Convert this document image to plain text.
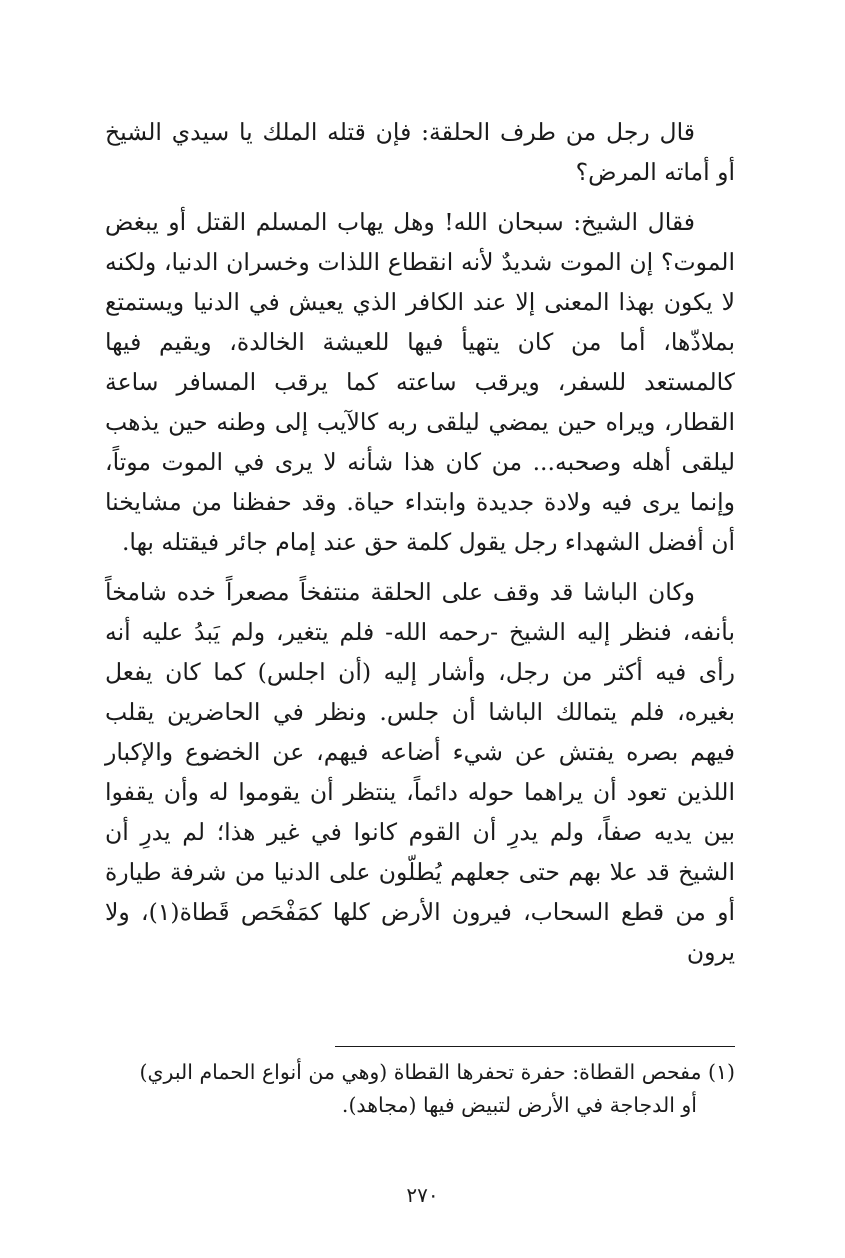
قال رجل من طرف الحلقة: فإن قتله الملك يا سيدي الشيخ أو أماته المرض؟

فقال الشيخ: سبحان الله! وهل يهاب المسلم القتل أو يبغض الموت؟ إن الموت شديدٌ لأنه انقطاع اللذات وخسران الدنيا، ولكنه لا يكون بهذا المعنى إلا عند الكافر الذي يعيش في الدنيا ويستمتع بملاذّها، أما من كان يتهيأ فيها للعيشة الخالدة، ويقيم فيها كالمستعد للسفر، ويرقب ساعته كما يرقب المسافر ساعة القطار، ويراه حين يمضي ليلقى ربه كالآيب إلى وطنه حين يذهب ليلقى أهله وصحبه... من كان هذا شأنه لا يرى في الموت موتاً، وإنما يرى فيه ولادة جديدة وابتداء حياة. وقد حفظنا من مشايخنا أن أفضل الشهداء رجل يقول كلمة حق عند إمام جائر فيقتله بها.

وكان الباشا قد وقف على الحلقة منتفخاً مصعراً خده شامخاً بأنفه، فنظر إليه الشيخ -رحمه الله- فلم يتغير، ولم يَبدُ عليه أنه رأى فيه أكثر من رجل، وأشار إليه (أن اجلس) كما كان يفعل بغيره، فلم يتمالك الباشا أن جلس. ونظر في الحاضرين يقلب فيهم بصره يفتش عن شيء أضاعه فيهم، عن الخضوع والإكبار اللذين تعود أن يراهما حوله دائماً، ينتظر أن يقوموا له وأن يقفوا بين يديه صفاً، ولم يدرِ أن القوم كانوا في غير هذا؛ لم يدرِ أن الشيخ قد علا بهم حتى جعلهم يُطلّون على الدنيا من شرفة طيارة أو من قطع السحاب، فيرون الأرض كلها كمَفْحَص قَطاة(١)، ولا يرون

(١) مفحص القطاة: حفرة تحفرها القطاة (وهي من أنواع الحمام البري)
أو الدجاجة في الأرض لتبيض فيها (مجاهد).

٢٧٠
